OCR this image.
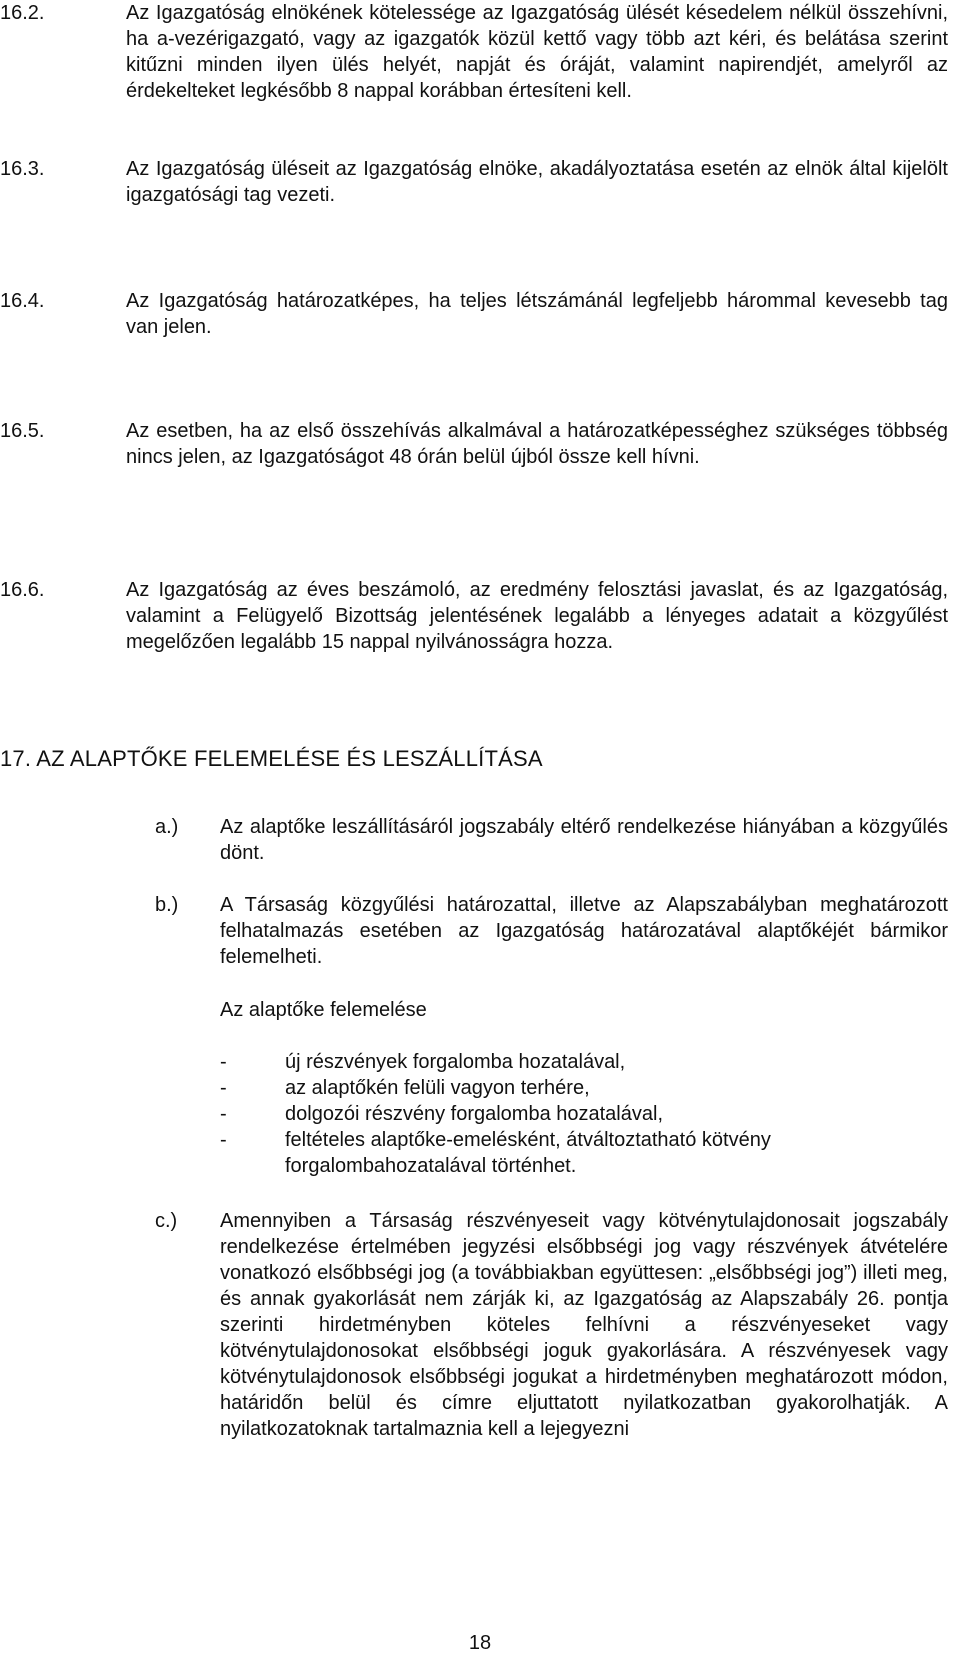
16.2.	Az Igazgatóság elnökének kötelessége az Igazgatóság ülését késedelem nélkül összehívni, ha a‑vezérigazgató, vagy az igazgatók közül kettő vagy több azt kéri, és belátása szerint kitűzni minden ilyen ülés helyét, napját és óráját, valamint napirendjét, amelyről az érdekelteket legkésőbb 8 nappal korábban értesíteni kell.
16.3.	Az Igazgatóság üléseit az Igazgatóság elnöke, akadályoztatása esetén az elnök által kijelölt igazgatósági tag vezeti.
16.4.	Az Igazgatóság határozatképes, ha teljes létszámánál legfeljebb hárommal kevesebb tag van jelen.
16.5.	Az esetben, ha az első összehívás alkalmával a határozatképességhez szükséges többség nincs jelen, az Igazgatóságot 48 órán belül újból össze kell hívni.
16.6.	Az Igazgatóság az éves beszámoló, az eredmény felosztási javaslat, és az Igazgatóság, valamint a Felügyelő Bizottság jelentésének legalább a lényeges adatait a közgyűlést megelőzően legalább 15 nappal nyilvánosságra hozza.
17. AZ ALAPTŐKE FELEMELÉSE ÉS LESZÁLLÍTÁSA
a.) Az alaptőke leszállításáról jogszabály eltérő rendelkezése hiányában a közgyűlés dönt.
b.) A Társaság közgyűlési határozattal, illetve az Alapszabályban meghatározott felhatalmazás esetében az Igazgatóság határozatával alaptőkéjét bármikor felemelheti.
Az alaptőke felemelése
-	új részvények forgalomba hozatalával,
-	az alaptőkén felüli vagyon terhére,
-	dolgozói részvény forgalomba hozatalával,
-	feltételes alaptőke-emelésként, átváltoztatható kötvény forgalombahozatalával történhet.
c.) Amennyiben a Társaság részvényeseit vagy kötvénytulajdonosait jogszabály rendelkezése értelmében jegyzési elsőbbségi jog vagy részvények átvételére vonatkozó elsőbbségi jog (a továbbiakban együttesen: „elsőbbségi jog”) illeti meg, és annak gyakorlását nem zárják ki, az Igazgatóság az Alapszabály 26. pontja szerinti hirdetményben köteles felhívni a részvényeseket vagy kötvénytulajdonosokat elsőbbségi joguk gyakorlására. A részvényesek vagy kötvénytulajdonosok elsőbbségi jogukat a hirdetményben meghatározott módon, határidőn belül és címre eljuttatott nyilatkozatban gyakorolhatják. A nyilatkozatoknak tartalmaznia kell a lejegyezni
18
